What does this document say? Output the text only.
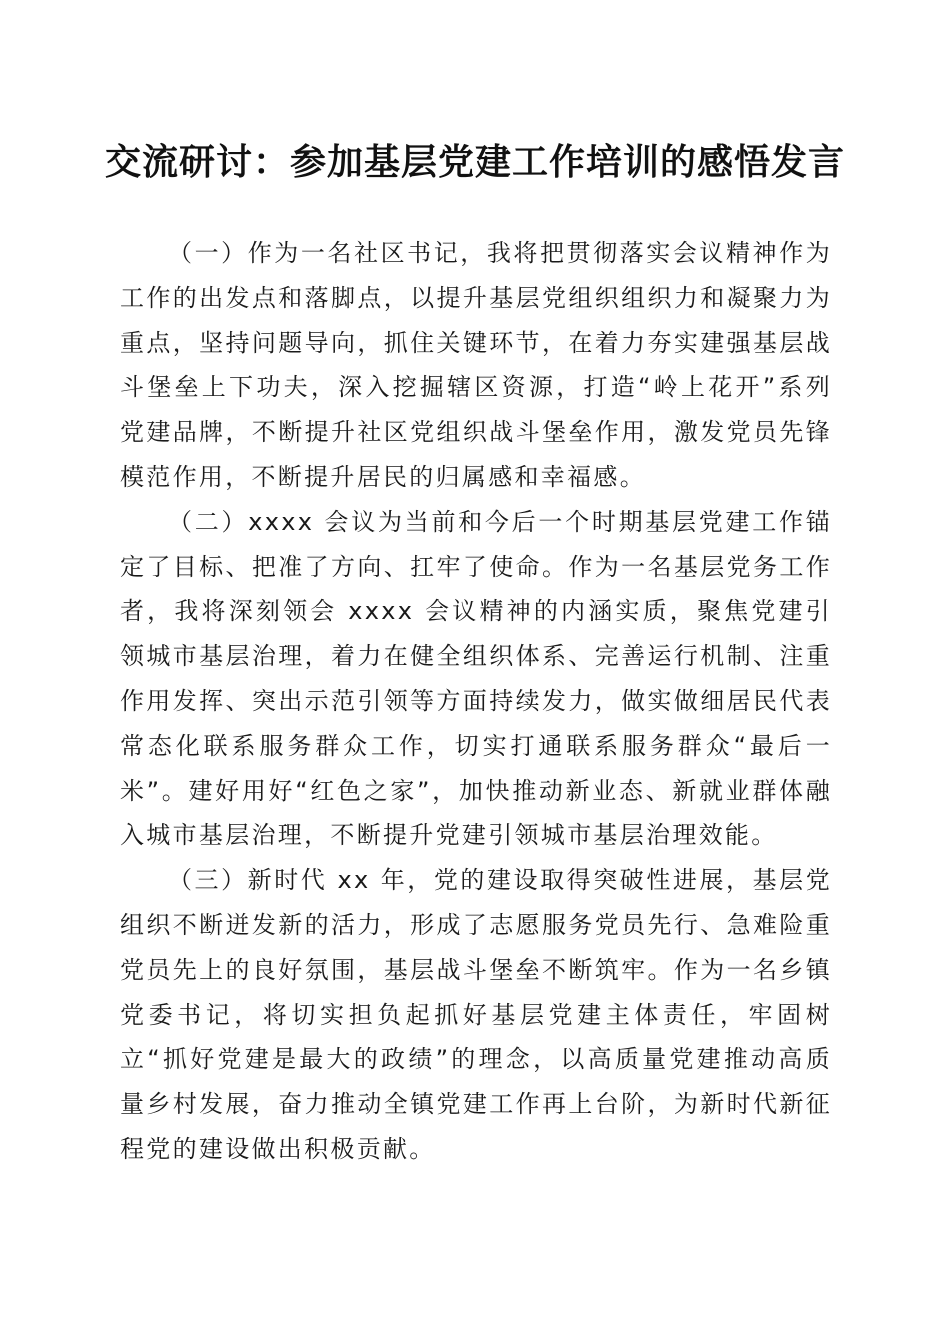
交流研讨：参加基层党建工作培训的感悟发言

（一）作为一名社区书记，我将把贯彻落实会议精神作为工作的出发点和落脚点，以提升基层党组织组织力和凝聚力为重点，坚持问题导向，抓住关键环节，在着力夯实建强基层战斗堡垒上下功夫，深入挖掘辖区资源，打造“岭上花开”系列党建品牌，不断提升社区党组织战斗堡垒作用，激发党员先锋模范作用，不断提升居民的归属感和幸福感。

（二）xxxx 会议为当前和今后一个时期基层党建工作锚定了目标、把准了方向、扛牢了使命。作为一名基层党务工作者，我将深刻领会 xxxx 会议精神的内涵实质，聚焦党建引领城市基层治理，着力在健全组织体系、完善运行机制、注重作用发挥、突出示范引领等方面持续发力，做实做细居民代表常态化联系服务群众工作，切实打通联系服务群众“最后一米”。建好用好“红色之家”，加快推动新业态、新就业群体融入城市基层治理，不断提升党建引领城市基层治理效能。

（三）新时代 xx 年，党的建设取得突破性进展，基层党组织不断迸发新的活力，形成了志愿服务党员先行、急难险重党员先上的良好氛围，基层战斗堡垒不断筑牢。作为一名乡镇党委书记，将切实担负起抓好基层党建主体责任，牢固树立“抓好党建是最大的政绩”的理念，以高质量党建推动高质量乡村发展，奋力推动全镇党建工作再上台阶，为新时代新征程党的建设做出积极贡献。
